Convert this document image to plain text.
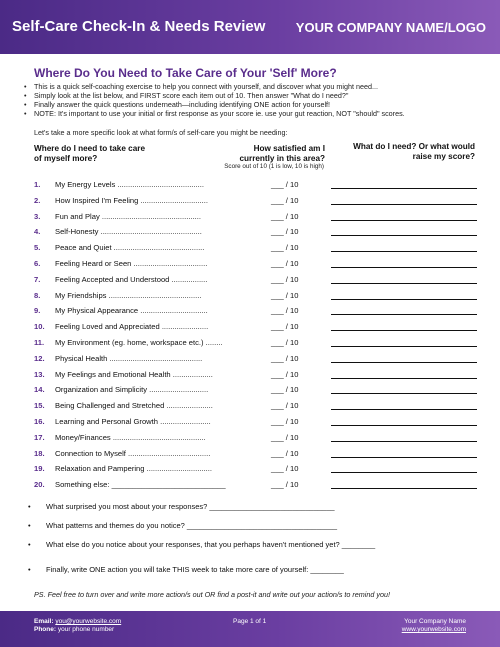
Self-Care Check-In & Needs Review YOUR COMPANY NAME/LOGO
Where Do You Need to Take Care of Your 'Self' More?
• This is a quick self-coaching exercise to help you connect with yourself, and discover what you might need...
• Simply look at the list below, and FIRST score each item out of 10. Then answer "What do I need?"
• Finally answer the quick questions underneath—including identifying ONE action for yourself!
• NOTE: It's important to use your initial or first response as your score ie. use your gut reaction, NOT "should" scores.
Let's take a more specific look at what form/s of self-care you might be needing:
Where do I need to take care of myself more?
How satisfied am I currently in this area?
Score out of 10 (1 is low, 10 is high)
What do I need? Or what would raise my score?
1.	My Energy Levels .........................................	___ / 10
2.	How Inspired I'm Feeling ................................	___ / 10
3.	Fun and Play ...............................................	___ / 10
4.	Self-Honesty ................................................	___ / 10
5.	Peace and Quiet ...........................................	___ / 10
6.	Feeling Heard or Seen ...................................	___ / 10
7.	Feeling Accepted and Understood .................	___ / 10
8.	My Friendships ............................................	___ / 10
9.	My Physical Appearance ................................	___ / 10
10.	Feeling Loved and Appreciated ......................	___ / 10
11.	My Environment (eg. home, workspace etc.) ........	___ / 10
12.	Physical Health ............................................	___ / 10
13.	My Feelings and Emotional Health ...................	___ / 10
14.	Organization and Simplicity ............................	___ / 10
15.	Being Challenged and Stretched ......................	___ / 10
16.	Learning and Personal Growth ........................	___ / 10
17.	Money/Finances ............................................	___ / 10
18.	Connection to Myself .......................................	___ / 10
19.	Relaxation and Pampering ...............................	___ / 10
20.	Something else: ___________________________	___ / 10
• What surprised you most about your responses? ______________________________
• What patterns and themes do you notice? ____________________________________
• What else do you notice about your responses, that you perhaps haven't mentioned yet? ________
• Finally, write ONE action you will take THIS week to take more care of yourself: ________
PS. Feel free to turn over and write more action/s out OR find a post-it and write out your action/s to remind you!
Email: you@yourwebsite.com
Phone: your phone number
Page 1 of 1	Your Company Name
www.yourwebsite.com
